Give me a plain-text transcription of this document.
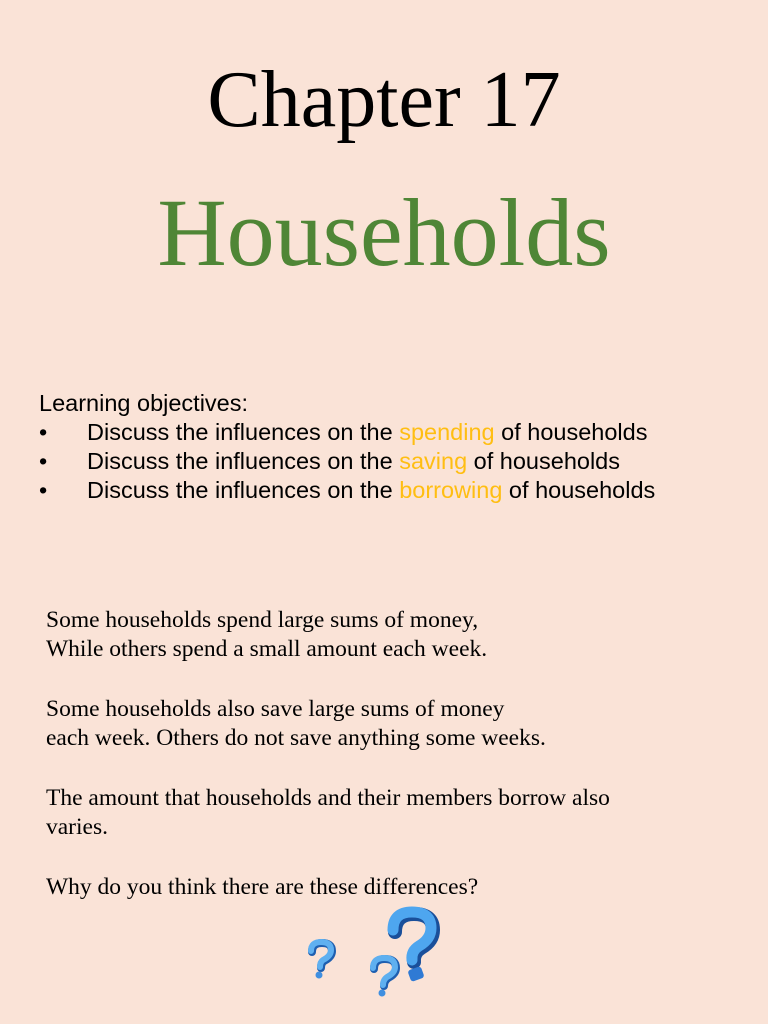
Chapter 17
Households
Learning objectives:
•	Discuss the influences on the spending of households
•	Discuss the influences on the saving of households
•	Discuss the influences on the borrowing of households

Some households spend large sums of money,
While others spend a small amount each week.

Some households also save large sums of money
each week. Others do not save anything some weeks.

The amount that households and their members borrow also
varies.

Why do you think there are these differences?
